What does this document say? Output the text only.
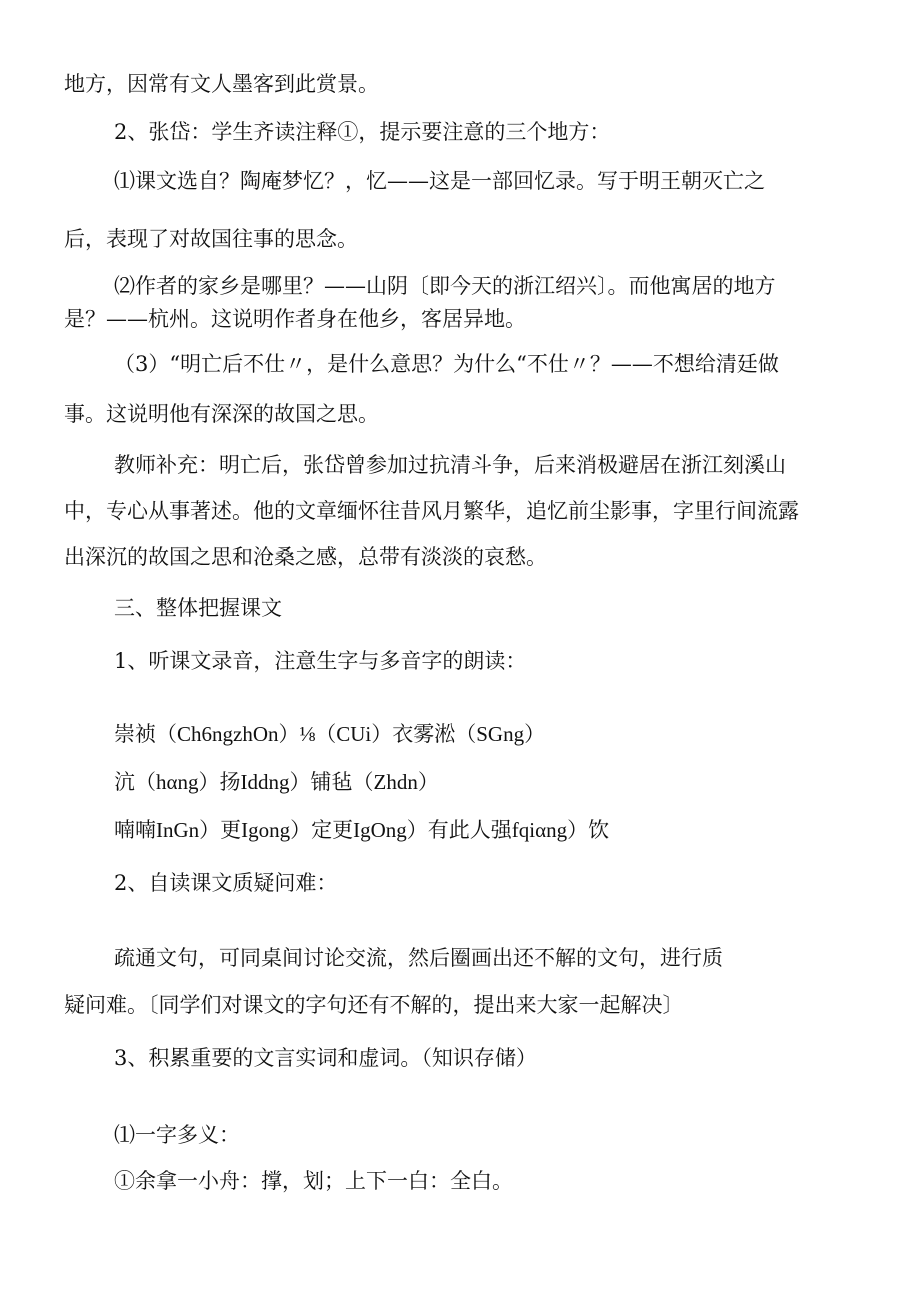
地方，因常有文人墨客到此赏景。

2、张岱：学生齐读注释①，提示要注意的三个地方：

⑴课文选自？陶庵梦忆？，忆——这是一部回忆录。写于明王朝灭亡之

后，表现了对故国往事的思念。

⑵作者的家乡是哪里？——山阴〔即今天的浙江绍兴〕。而他寓居的地方

是？——杭州。这说明作者身在他乡，客居异地。

（3）“明亡后不仕〃，是什么意思？为什么“不仕〃？——不想给清廷做

事。这说明他有深深的故国之思。

教师补充：明亡后，张岱曾参加过抗清斗争，后来消极避居在浙江刻溪山

中，专心从事著述。他的文章缅怀往昔风月繁华，追忆前尘影事，字里行间流露

出深沉的故国之思和沧桑之感，总带有淡淡的哀愁。

三、整体把握课文

1、听课文录音，注意生字与多音字的朗读：

崇祯（Ch6ngzhOn）⅛（CUi）衣雾淞（SGng）

沆（hαng）扬Iddng）铺毡（Zhdn）

喃喃InGn）更Igong）定更IgOng）有此人强fqiαng）饮

2、自读课文质疑问难：

疏通文句，可同桌间讨论交流，然后圈画出还不解的文句，进行质

疑问难。〔同学们对课文的字句还有不解的，提出来大家一起解决〕

3、积累重要的文言实词和虚词。（知识存储）

⑴一字多义：

①余拿一小舟：撑，划；上下一白：全白。
